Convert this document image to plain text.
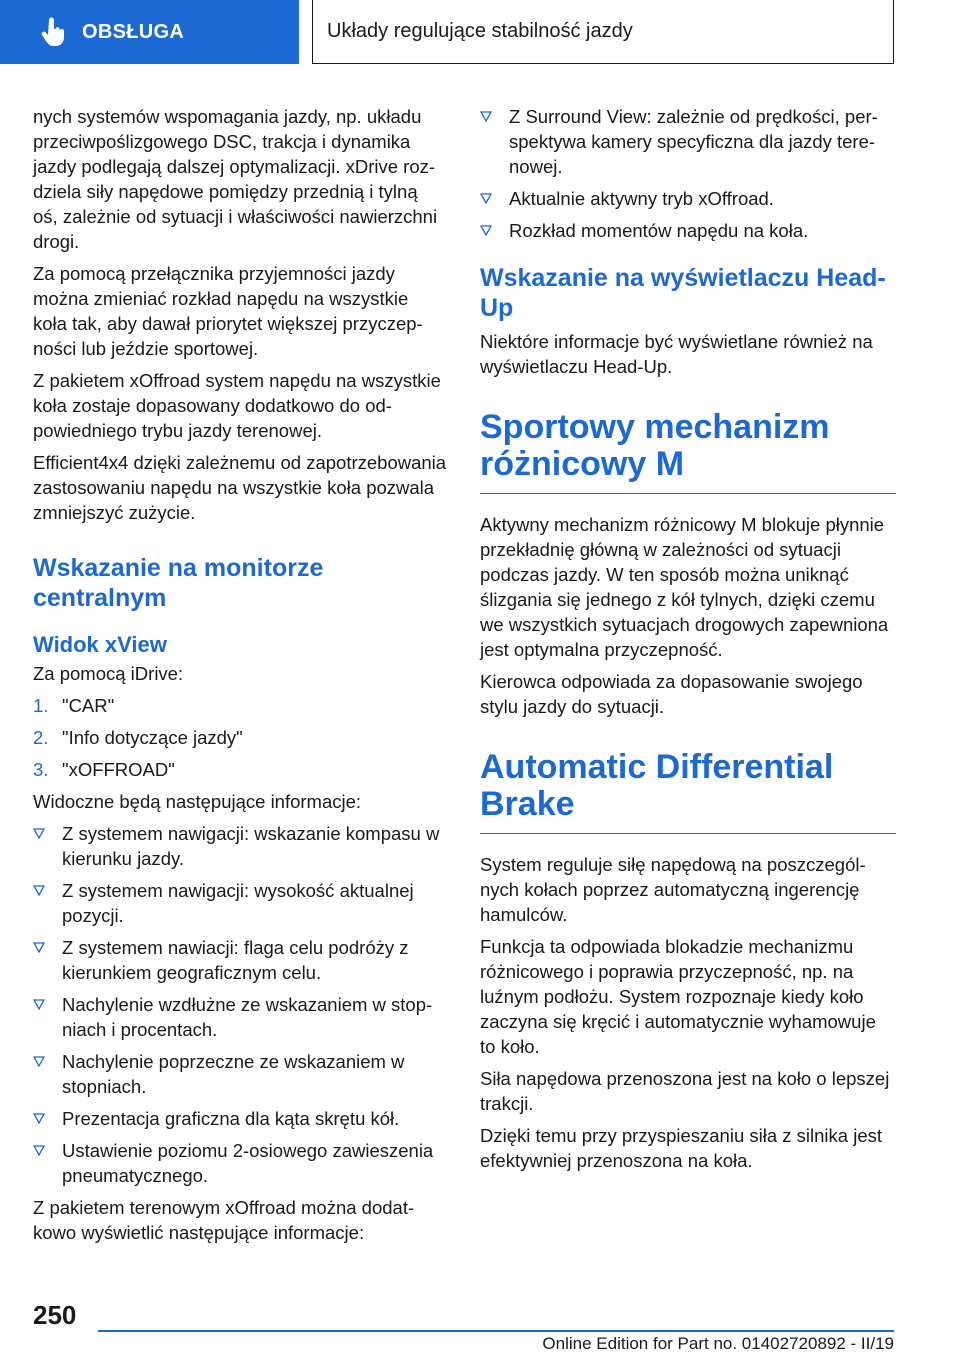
OBSŁUGA	Układy regulujące stabilność jazdy

nych systemów wspomagania jazdy, np. układu przeciwpoślizgowego DSC, trakcja i dynamika jazdy podlegają dalszej optymalizacji. xDrive rozdziela siły napędowe pomiędzy przednią i tylną oś, zależnie od sytuacji i właściwości nawierzchni drogi.

Za pomocą przełącznika przyjemności jazdy można zmieniać rozkład napędu na wszystkie koła tak, aby dawał priorytet większej przyczepności lub jeździe sportowej.

Z pakietem xOffroad system napędu na wszystkie koła zostaje dopasowany dodatkowo do odpowiedniego trybu jazdy terenowej.

Efficient4x4 dzięki zależnemu od zapotrzebowania zastosowaniu napędu na wszystkie koła pozwala zmniejszyć zużycie.

Wskazanie na monitorze centralnym
Widok xView

Za pomocą iDrive:

1. "CAR"
2. "Info dotyczące jazdy"
3. "xOFFROAD"

Widoczne będą następujące informacje:

Z systemem nawigacji: wskazanie kompasu w kierunku jazdy.
Z systemem nawigacji: wysokość aktualnej pozycji.
Z systemem nawiacji: flaga celu podróży z kierunkiem geograficznym celu.
Nachylenie wzdłużne ze wskazaniem w stopniach i procentach.
Nachylenie poprzeczne ze wskazaniem w stopniach.
Prezentacja graficzna dla kąta skrętu kół.
Ustawienie poziomu 2-osiowego zawieszenia pneumatycznego.

Z pakietem terenowym xOffroad można dodatkowo wyświetlić następujące informacje:

Z Surround View: zależnie od prędkości, perspektywa kamery specyficzna dla jazdy terenowej.
Aktualnie aktywny tryb xOffroad.
Rozkład momentów napędu na koła.
Wskazanie na wyświetlaczu Head-Up

Niektóre informacje być wyświetlane również na wyświetlaczu Head-Up.

Sportowy mechanizm różnicowy M

Aktywny mechanizm różnicowy M blokuje płynnie przekładnię główną w zależności od sytuacji podczas jazdy. W ten sposób można uniknąć ślizgania się jednego z kół tylnych, dzięki czemu we wszystkich sytuacjach drogowych zapewniona jest optymalna przyczepność.

Kierowca odpowiada za dopasowanie swojego stylu jazdy do sytuacji.

Automatic Differential Brake

System reguluje siłę napędową na poszczególnych kołach poprzez automatyczną ingerencję hamulców.

Funkcja ta odpowiada blokadzie mechanizmu różnicowego i poprawia przyczepność, np. na luźnym podłożu. System rozpoznaje kiedy koło zaczyna się kręcić i automatycznie wyhamowuje to koło.

Siła napędowa przenoszona jest na koło o lepszej trakcji.

Dzięki temu przy przyspieszaniu siła z silnika jest efektywniej przenoszona na koła.

250
Online Edition for Part no. 01402720892 - II/19
